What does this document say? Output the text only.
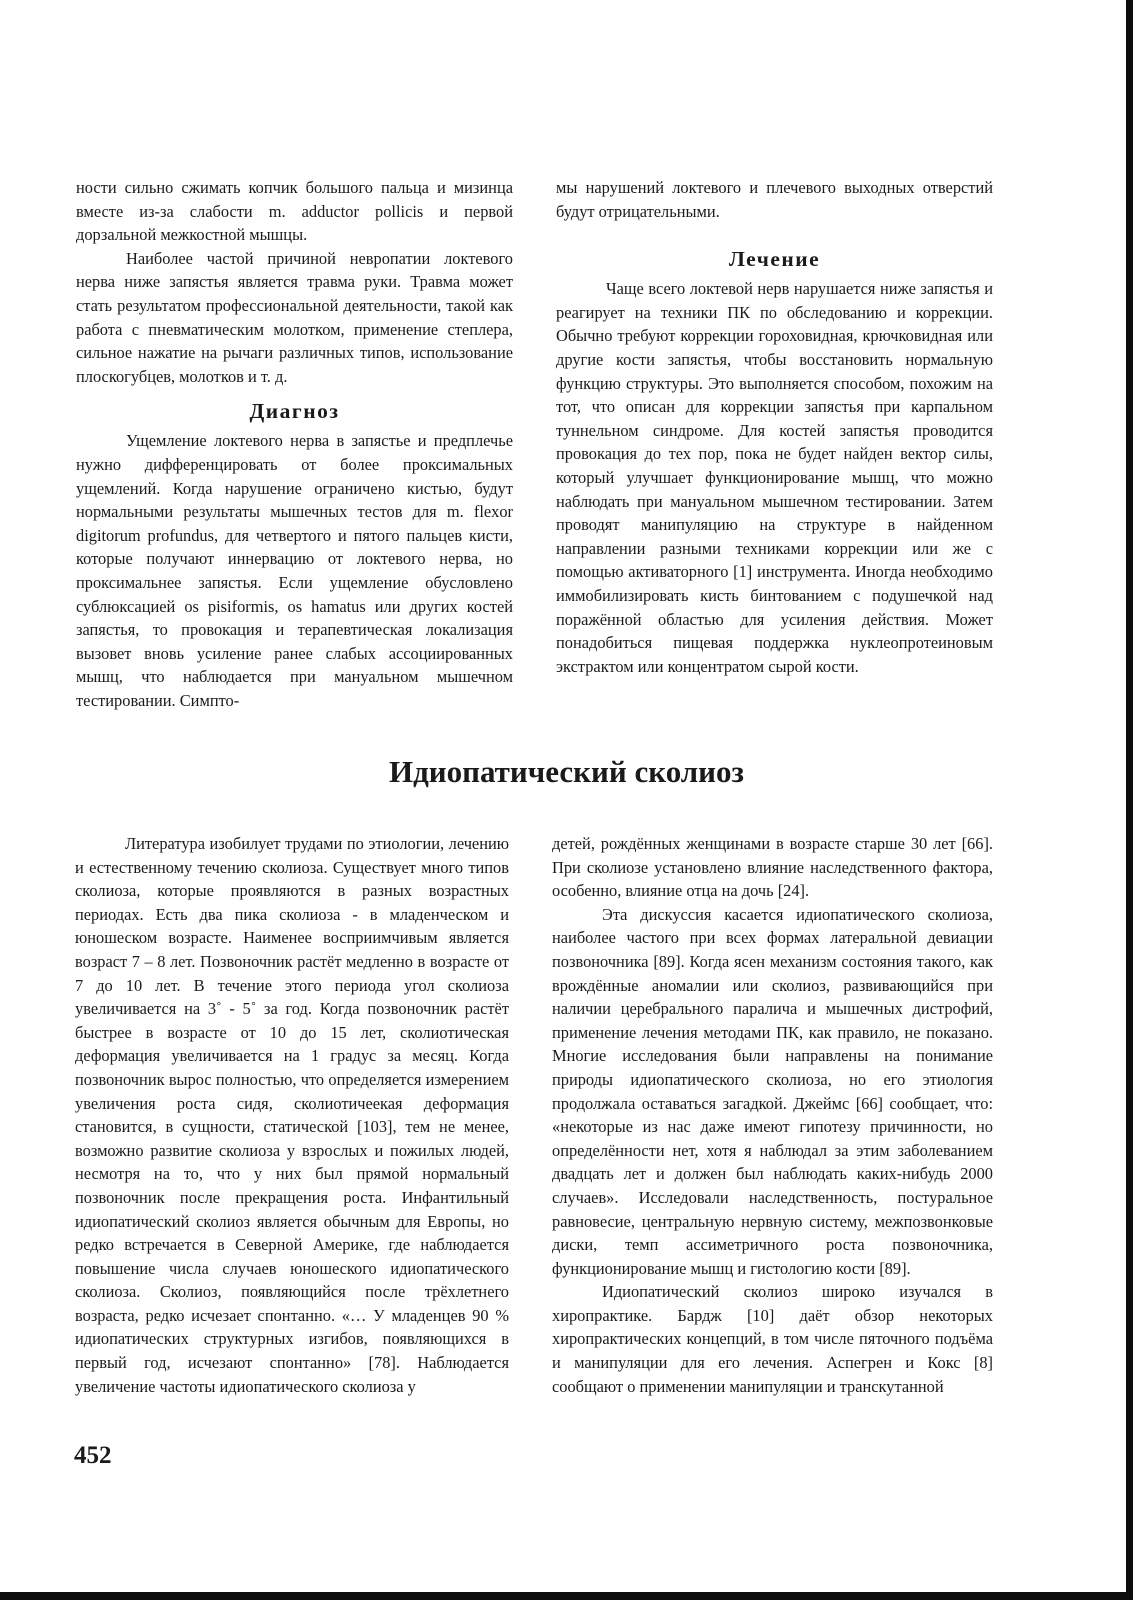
ности сильно сжимать копчик большого пальца и мизинца вместе из-за слабости m. adductor pollicis и первой дорзальной межкостной мышцы.

Наиболее частой причиной невропатии локтевого нерва ниже запястья является травма руки. Травма может стать результатом профессиональной деятельности, такой как работа с пневматическим молотком, применение степлера, сильное нажатие на рычаги различных типов, использование плоскогубцев, молотков и т. д.

Диагноз

Ущемление локтевого нерва в запястье и предплечье нужно дифференцировать от более проксимальных ущемлений. Когда нарушение ограничено кистью, будут нормальными результаты мышечных тестов для m. flexor digitorum profundus, для четвертого и пятого пальцев кисти, которые получают иннервацию от локтевого нерва, но проксимальнее запястья. Если ущемление обусловлено сублюксацией os pisiformis, os hamatus или других костей запястья, то провокация и терапевтическая локализация вызовет вновь усиление ранее слабых ассоциированных мышц, что наблюдается при мануальном мышечном тестировании. Симпто-

мы нарушений локтевого и плечевого выходных отверстий будут отрицательными.

Лечение

Чаще всего локтевой нерв нарушается ниже запястья и реагирует на техники ПК по обследованию и коррекции. Обычно требуют коррекции гороховидная, крючковидная или другие кости запястья, чтобы восстановить нормальную функцию структуры. Это выполняется способом, похожим на тот, что описан для коррекции запястья при карпальном туннельном синдроме. Для костей запястья проводится провокация до тех пор, пока не будет найден вектор силы, который улучшает функционирование мышц, что можно наблюдать при мануальном мышечном тестировании. Затем проводят манипуляцию на структуре в найденном направлении разными техниками коррекции или же с помощью активаторного [1] инструмента. Иногда необходимо иммобилизировать кисть бинтованием с подушечкой над поражённой областью для усиления действия. Может понадобиться пищевая поддержка нуклеопротеиновым экстрактом или концентратом сырой кости.

Идиопатический сколиоз

Литература изобилует трудами по этиологии, лечению и естественному течению сколиоза. Существует много типов сколиоза, которые проявляются в разных возрастных периодах. Есть два пика сколиоза - в младенческом и юношеском возрасте. Наименее восприимчивым является возраст 7 – 8 лет. Позвоночник растёт медленно в возрасте от 7 до 10 лет. В течение этого периода угол сколиоза увеличивается на 3˚ - 5˚ за год. Когда позвоночник растёт быстрее в возрасте от 10 до 15 лет, сколиотическая деформация увеличивается на 1 градус за месяц. Когда позвоночник вырос полностью, что определяется измерением увеличения роста сидя, сколиотичеекая деформация становится, в сущности, статической [103], тем не менее, возможно развитие сколиоза у взрослых и пожилых людей, несмотря на то, что у них был прямой нормальный позвоночник после прекращения роста. Инфантильный идиопатический сколиоз является обычным для Европы, но редко встречается в Северной Америке, где наблюдается повышение числа случаев юношеского идиопатического сколиоза. Сколиоз, появляющийся после трёхлетнего возраста, редко исчезает спонтанно. «… У младенцев 90 % идиопатических структурных изгибов, появляющихся в первый год, исчезают спонтанно» [78]. Наблюдается увеличение частоты идиопатического сколиоза у

детей, рождённых женщинами в возрасте старше 30 лет [66]. При сколиозе установлено влияние наследственного фактора, особенно, влияние отца на дочь [24].

Эта дискуссия касается идиопатического сколиоза, наиболее частого при всех формах латеральной девиации позвоночника [89]. Когда ясен механизм состояния такого, как врождённые аномалии или сколиоз, развивающийся при наличии церебрального паралича и мышечных дистрофий, применение лечения методами ПК, как правило, не показано. Многие исследования были направлены на понимание природы идиопатического сколиоза, но его этиология продолжала оставаться загадкой. Джеймс [66] сообщает, что: «некоторые из нас даже имеют гипотезу причинности, но определённости нет, хотя я наблюдал за этим заболеванием двадцать лет и должен был наблюдать каких-нибудь 2000 случаев». Исследовали наследственность, постуральное равновесие, центральную нервную систему, межпозвонковые диски, темп ассиметричного роста позвоночника, функционирование мышц и гистологию кости [89].

Идиопатический сколиоз широко изучался в хиропрактике. Бардж [10] даёт обзор некоторых хиропрактических концепций, в том числе пяточного подъёма и манипуляции для его лечения. Аспегрен и Кокс [8] сообщают о применении манипуляции и транскутанной

452
